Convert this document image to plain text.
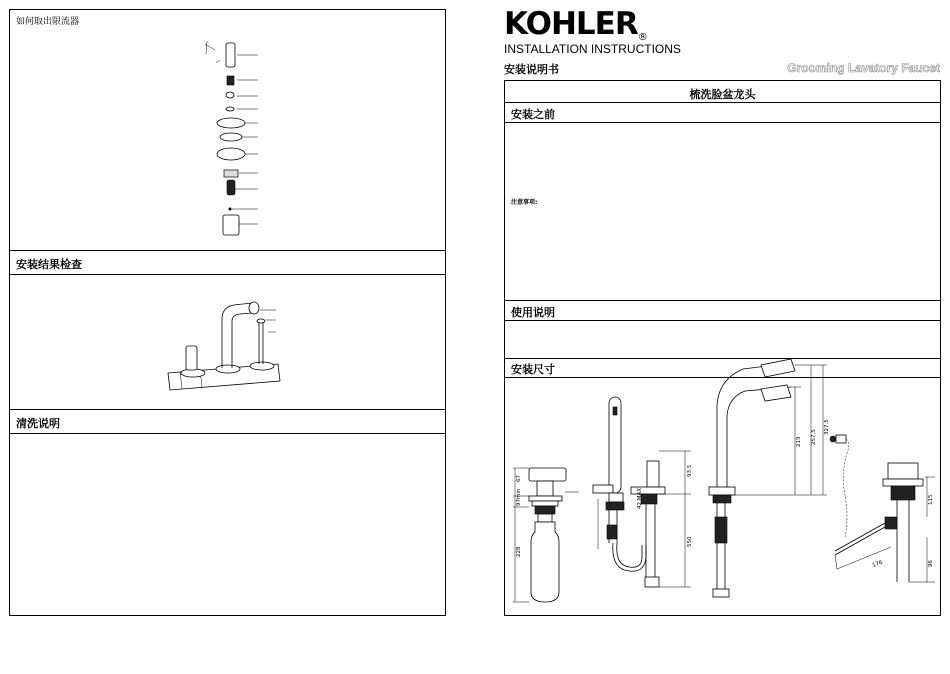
如何取出限流器
安装结果检查
清洗说明
KOHLER®
INSTALLATION INSTRUCTIONS
安装说明书	Grooming Lavatory Faucet
梳洗脸盆龙头
安装之前
注意事项:
使用说明
安装尺寸
67
97min
228
42 MAX
93.5
550
219 257.5
327.5
176	96
115
